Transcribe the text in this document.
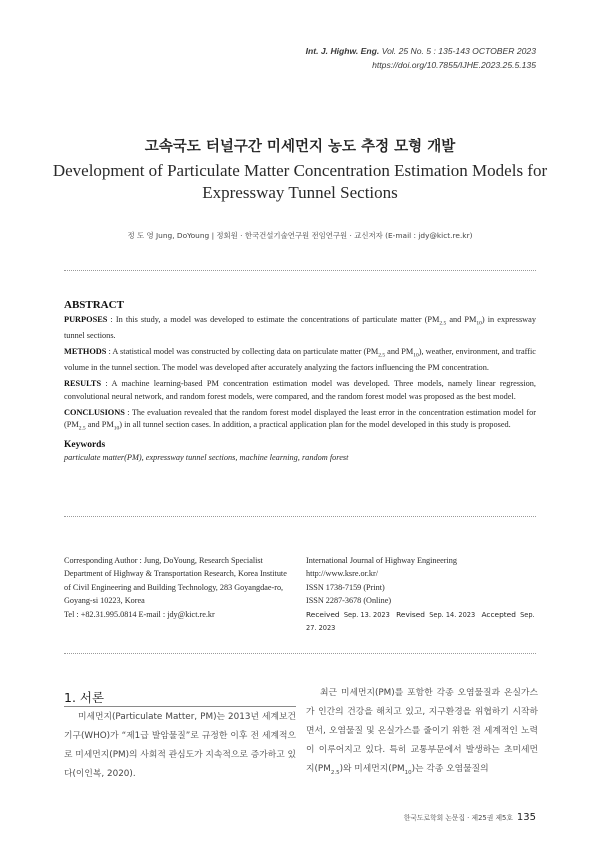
Int. J. Highw. Eng. Vol. 25 No. 5 : 135-143 OCTOBER 2023
https://doi.org/10.7855/IJHE.2023.25.5.135
고속국도 터널구간 미세먼지 농도 추정 모형 개발
Development of Particulate Matter Concentration Estimation Models for
Expressway Tunnel Sections
정 도 영 Jung, DoYoung | 정회원 · 한국건설기술연구원 전임연구원 · 교신저자 (E-mail : jdy@kict.re.kr)
ABSTRACT

PURPOSES : In this study, a model was developed to estimate the concentrations of particulate matter ($PM_{2.5}$ and $PM_{10}$) in expressway tunnel sections.

METHODS : A statistical model was constructed by collecting data on particulate matter ($PM_{2.5}$ and $PM_{10}$), weather, environment, and traffic volume in the tunnel section. The model was developed after accurately analyzing the factors influencing the PM concentration.

RESULTS : A machine learning-based PM concentration estimation model was developed. Three models, namely linear regression, convolutional neural network, and random forest models, were compared, and the random forest model was proposed as the best model.

CONCLUSIONS : The evaluation revealed that the random forest model displayed the least error in the concentration estimation model for ($PM_{2.5}$ and $PM_{10}$) in all tunnel section cases. In addition, a practical application plan for the model developed in this study is proposed.

Keywords

particulate matter(PM), expressway tunnel sections, machine learning, random forest

Corresponding Author : Jung, DoYoung, Research Specialist
Department of Highway & Transportation Research, Korea Institute
of Civil Engineering and Building Technology, 283 Goyangdae-ro,
Goyang-si 10223, Korea
Tel : +82.31.995.0814 E-mail : jdy@kict.re.kr
International Journal of Highway Engineering
http://www.ksre.or.kr/
ISSN 1738-7159 (Print)
ISSN 2287-3678 (Online)
Received Sep. 13. 2023 Revised Sep. 14. 2023 Accepted Sep. 27. 2023
1. 서론
미세먼지(Particulate Matter, PM)는 2013년 세계보건기구(WHO)가 “제1급 발암물질”로 규정한 이후 전 세계적으로 미세먼지(PM)의 사회적 관심도가 지속적으로 증가하고 있다(이인복, 2020).
최근 미세먼지(PM)를 포함한 각종 오염물질과 온실가스가 인간의 건강을 해치고 있고, 지구환경을 위협하기 시작하면서, 오염물질 및 온실가스를 줄이기 위한 전 세계적인 노력이 이루어지고 있다. 특히 교통부문에서 발생하는 초미세먼지$(PM_{2.5})$와 미세먼지$(PM_{10})$는 각종 오염물질의
한국도로학회 논문집 · 제25권 제5호 135
